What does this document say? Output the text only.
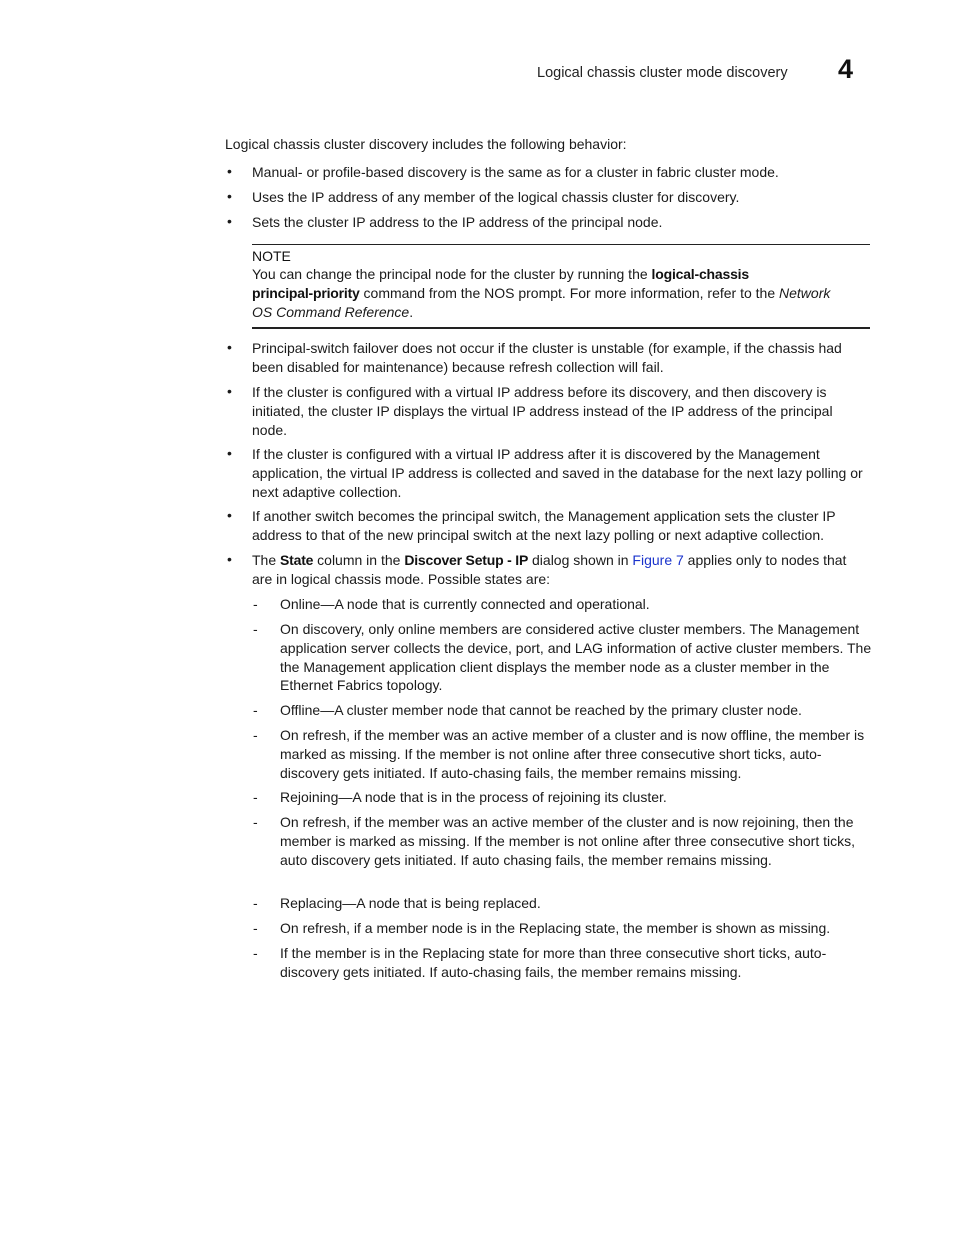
Logical chassis cluster mode discovery 4
Logical chassis cluster discovery includes the following behavior:
• Manual- or profile-based discovery is the same as for a cluster in fabric cluster mode.
• Uses the IP address of any member of the logical chassis cluster for discovery.
• Sets the cluster IP address to the IP address of the principal node.
NOTE
You can change the principal node for the cluster by running the logical-chassis
principal-priority command from the NOS prompt. For more information, refer to the Network
OS Command Reference.
• Principal-switch failover does not occur if the cluster is unstable (for example, if the chassis had been disabled for maintenance) because refresh collection will fail.
• If the cluster is configured with a virtual IP address before its discovery, and then discovery is initiated, the cluster IP displays the virtual IP address instead of the IP address of the principal node.
• If the cluster is configured with a virtual IP address after it is discovered by the Management application, the virtual IP address is collected and saved in the database for the next lazy polling or next adaptive collection.
• If another switch becomes the principal switch, the Management application sets the cluster IP address to that of the new principal switch at the next lazy polling or next adaptive collection.
• The State column in the Discover Setup - IP dialog shown in Figure 7 applies only to nodes that
are in logical chassis mode. Possible states are:
- Online—A node that is currently connected and operational.
- On discovery, only online members are considered active cluster members. The Management application server collects the device, port, and LAG information of active cluster members. The the Management application client displays the member node as a cluster member in the Ethernet Fabrics topology.
- Offline—A cluster member node that cannot be reached by the primary cluster node.
- On refresh, if the member was an active member of a cluster and is now offline, the member is marked as missing. If the member is not online after three consecutive short ticks, auto-discovery gets initiated. If auto-chasing fails, the member remains missing.
- Rejoining—A node that is in the process of rejoining its cluster.
- On refresh, if the member was an active member of the cluster and is now rejoining, then the member is marked as missing. If the member is not online after three consecutive short ticks, auto discovery gets initiated. If auto chasing fails, the member remains missing.
- Replacing—A node that is being replaced.
- On refresh, if a member node is in the Replacing state, the member is shown as missing.
- If the member is in the Replacing state for more than three consecutive short ticks, auto-discovery gets initiated. If auto-chasing fails, the member remains missing.
